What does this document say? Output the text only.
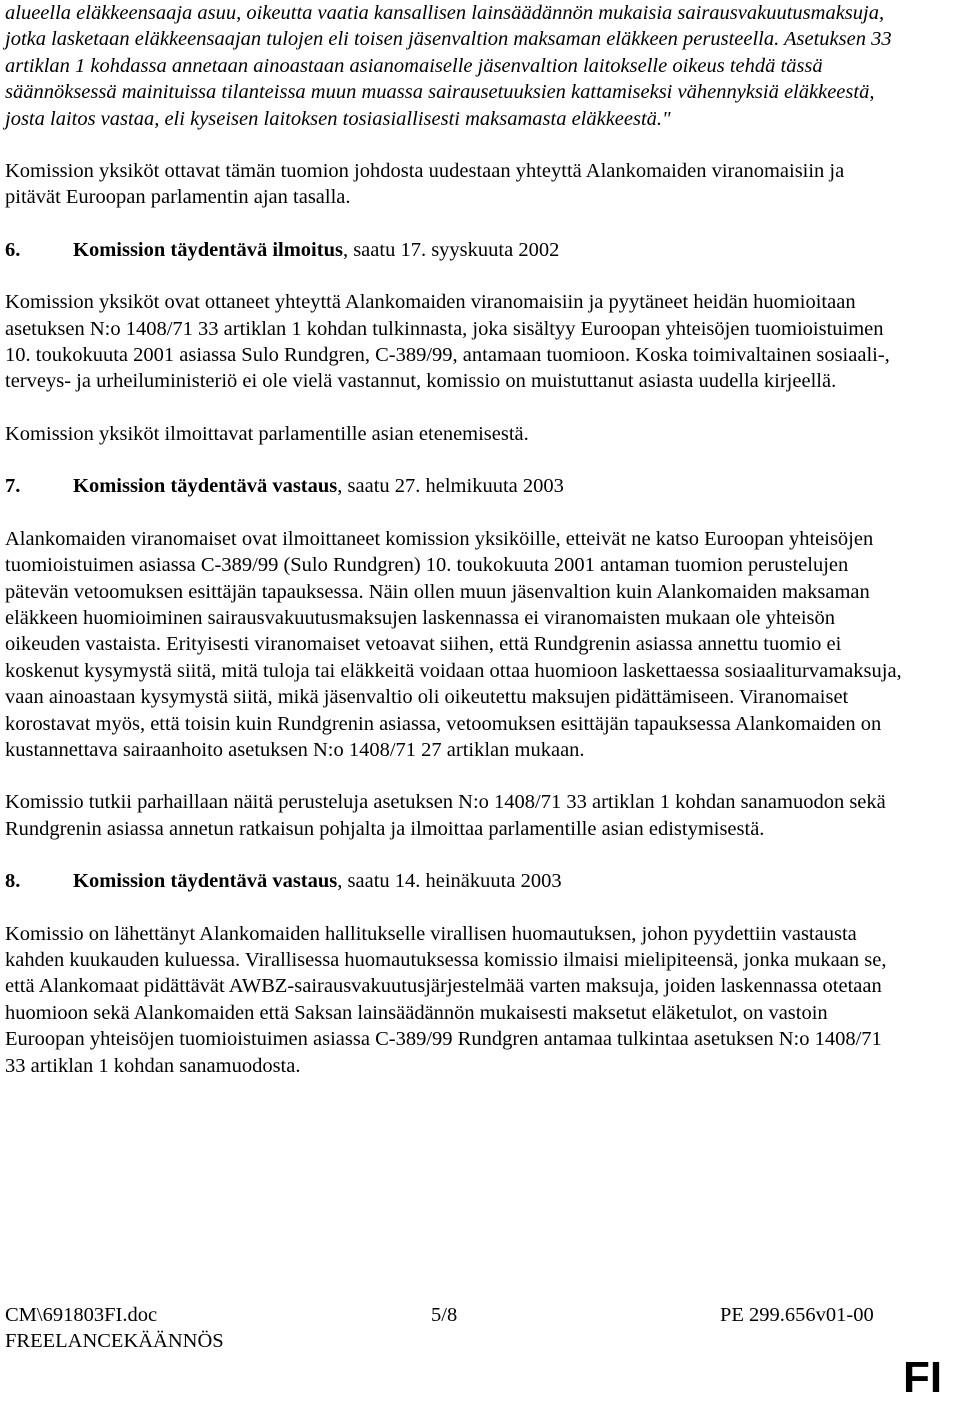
alueella eläkkeensaaja asuu, oikeutta vaatia kansallisen lainsäädännön mukaisia sairausvakuutusmaksuja, jotka lasketaan eläkkeensaajan tulojen eli toisen jäsenvaltion maksaman eläkkeen perusteella. Asetuksen 33 artiklan 1 kohdassa annetaan ainoastaan asianomaiselle jäsenvaltion laitokselle oikeus tehdä tässä säännöksessä mainituissa tilanteissa muun muassa sairausetuuksien kattamiseksi vähennyksiä eläkkeestä, josta laitos vastaa, eli kyseisen laitoksen tosiasiallisesti maksamasta eläkkeestä."

Komission yksiköt ottavat tämän tuomion johdosta uudestaan yhteyttä Alankomaiden viranomaisiin ja pitävät Euroopan parlamentin ajan tasalla.

6.	Komission täydentävä ilmoitus, saatu 17. syyskuuta 2002

Komission yksiköt ovat ottaneet yhteyttä Alankomaiden viranomaisiin ja pyytäneet heidän huomioitaan asetuksen N:o 1408/71 33 artiklan 1 kohdan tulkinnasta, joka sisältyy Euroopan yhteisöjen tuomioistuimen 10. toukokuuta 2001 asiassa Sulo Rundgren, C-389/99, antamaan tuomioon. Koska toimivaltainen sosiaali-, terveys- ja urheiluministeriö ei ole vielä vastannut, komissio on muistuttanut asiasta uudella kirjeellä.

Komission yksiköt ilmoittavat parlamentille asian etenemisestä.

7.	Komission täydentävä vastaus, saatu 27. helmikuuta 2003

Alankomaiden viranomaiset ovat ilmoittaneet komission yksiköille, etteivät ne katso Euroopan yhteisöjen tuomioistuimen asiassa C-389/99 (Sulo Rundgren) 10. toukokuuta 2001 antaman tuomion perustelujen pätevän vetoomuksen esittäjän tapauksessa. Näin ollen muun jäsenvaltion kuin Alankomaiden maksaman eläkkeen huomioiminen sairausvakuutusmaksujen laskennassa ei viranomaisten mukaan ole yhteisön oikeuden vastaista. Erityisesti viranomaiset vetoavat siihen, että Rundgrenin asiassa annettu tuomio ei koskenut kysymystä siitä, mitä tuloja tai eläkkeitä voidaan ottaa huomioon laskettaessa sosiaaliturvamaksuja, vaan ainoastaan kysymystä siitä, mikä jäsenvaltio oli oikeutettu maksujen pidättämiseen. Viranomaiset korostavat myös, että toisin kuin Rundgrenin asiassa, vetoomuksen esittäjän tapauksessa Alankomaiden on kustannettava sairaanhoito asetuksen N:o 1408/71 27 artiklan mukaan.

Komissio tutkii parhaillaan näitä perusteluja asetuksen N:o 1408/71 33 artiklan 1 kohdan sanamuodon sekä Rundgrenin asiassa annetun ratkaisun pohjalta ja ilmoittaa parlamentille asian edistymisestä.

8.	Komission täydentävä vastaus, saatu 14. heinäkuuta 2003

Komissio on lähettänyt Alankomaiden hallitukselle virallisen huomautuksen, johon pyydettiin vastausta kahden kuukauden kuluessa. Virallisessa huomautuksessa komissio ilmaisi mielipiteensä, jonka mukaan se, että Alankomaat pidättävät AWBZ-sairausvakuutusjärjestelmää varten maksuja, joiden laskennassa otetaan huomioon sekä Alankomaiden että Saksan lainsäädännön mukaisesti maksetut eläketulot, on vastoin Euroopan yhteisöjen tuomioistuimen asiassa C-389/99 Rundgren antamaa tulkintaa asetuksen N:o 1408/71 33 artiklan 1 kohdan sanamuodosta.

CM\691803FI.doc	5/8	PE 299.656v01-00
FREELANCEKÄÄNNÖS
FI
